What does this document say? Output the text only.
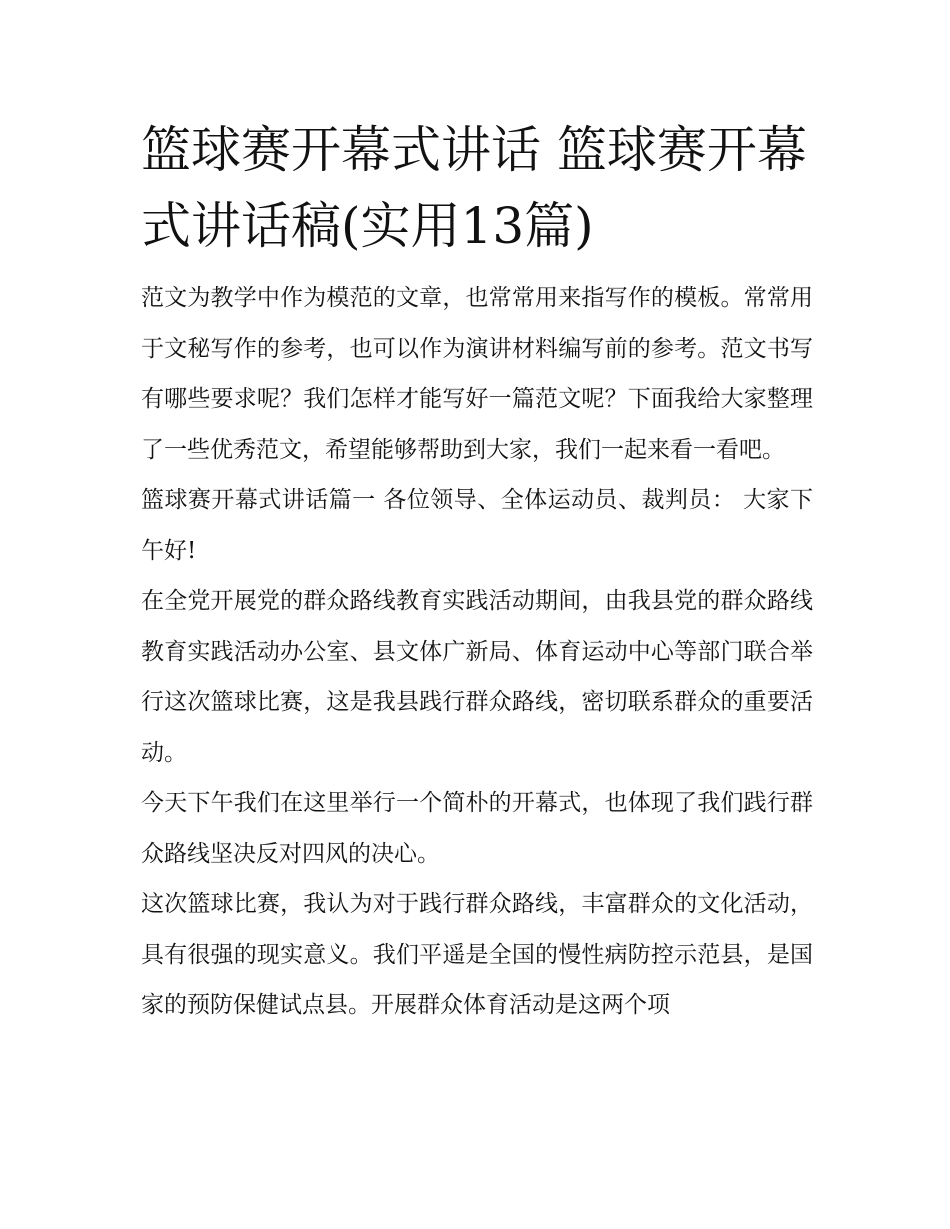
篮球赛开幕式讲话 篮球赛开幕式讲话稿(实用13篇)

范文为教学中作为模范的文章，也常常用来指写作的模板。常常用于文秘写作的参考，也可以作为演讲材料编写前的参考。范文书写有哪些要求呢？我们怎样才能写好一篇范文呢？下面我给大家整理了一些优秀范文，希望能够帮助到大家，我们一起来看一看吧。

篮球赛开幕式讲话篇一 各位领导、全体运动员、裁判员： 大家下午好!

在全党开展党的群众路线教育实践活动期间，由我县党的群众路线教育实践活动办公室、县文体广新局、体育运动中心等部门联合举行这次篮球比赛，这是我县践行群众路线，密切联系群众的重要活动。

今天下午我们在这里举行一个简朴的开幕式，也体现了我们践行群众路线坚决反对四风的决心。

这次篮球比赛，我认为对于践行群众路线，丰富群众的文化活动，具有很强的现实意义。我们平遥是全国的慢性病防控示范县，是国家的预防保健试点县。开展群众体育活动是这两个项
